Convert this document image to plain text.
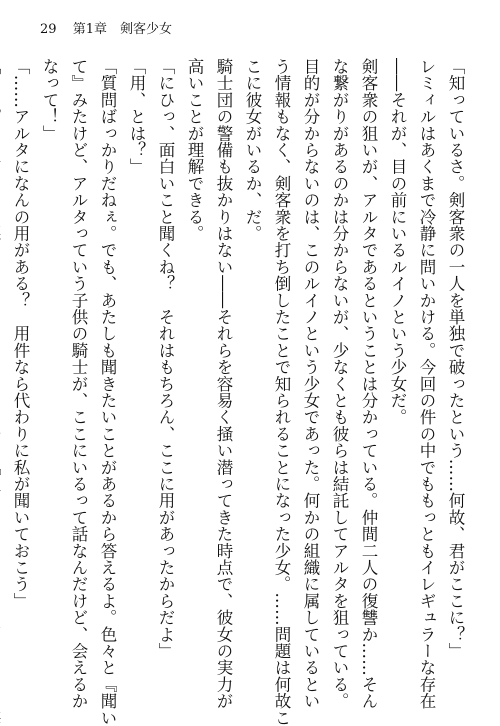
29 第1章　剣客少女
「知っているさ。剣客衆の一人を単独で破ったという……何故、君がここに？」
レミィルはあくまで冷静に問いかける。今回の件の中でももっともイレギュラーな存在
――それが、目の前にいるルイノという少女だ。
剣客衆の狙いが、アルタであるということは分かっている。仲間二人の復讐か……そん
な繋がりがあるのかは分からないが、少なくとも彼らは結託してアルタを狙っている。
目的が分からないのは、このルイノという少女であった。何かの組織に属しているとい
う情報もなく、剣客衆を打ち倒したことで知られることになった少女。……問題は何故こ
こに彼女がいるか、だ。
騎士団の警備も抜かりはない――それらを容易く掻い潜ってきた時点で、彼女の実力が
高いことが理解できる。
「にひっ、面白いこと聞くね？　それはもちろん、ここに用があったからだよ」
「用、とは？」
「質問ばっかりだねぇ。でも、あたしも聞きたいことがあるから答えるよ。色々と『聞い
て』みたけど、アルタっていう子供の騎士が、ここにいるって話なんだけど、会えるか
なって！」
「……アルタになんの用がある？　用件なら代わりに私が聞いておこう」
